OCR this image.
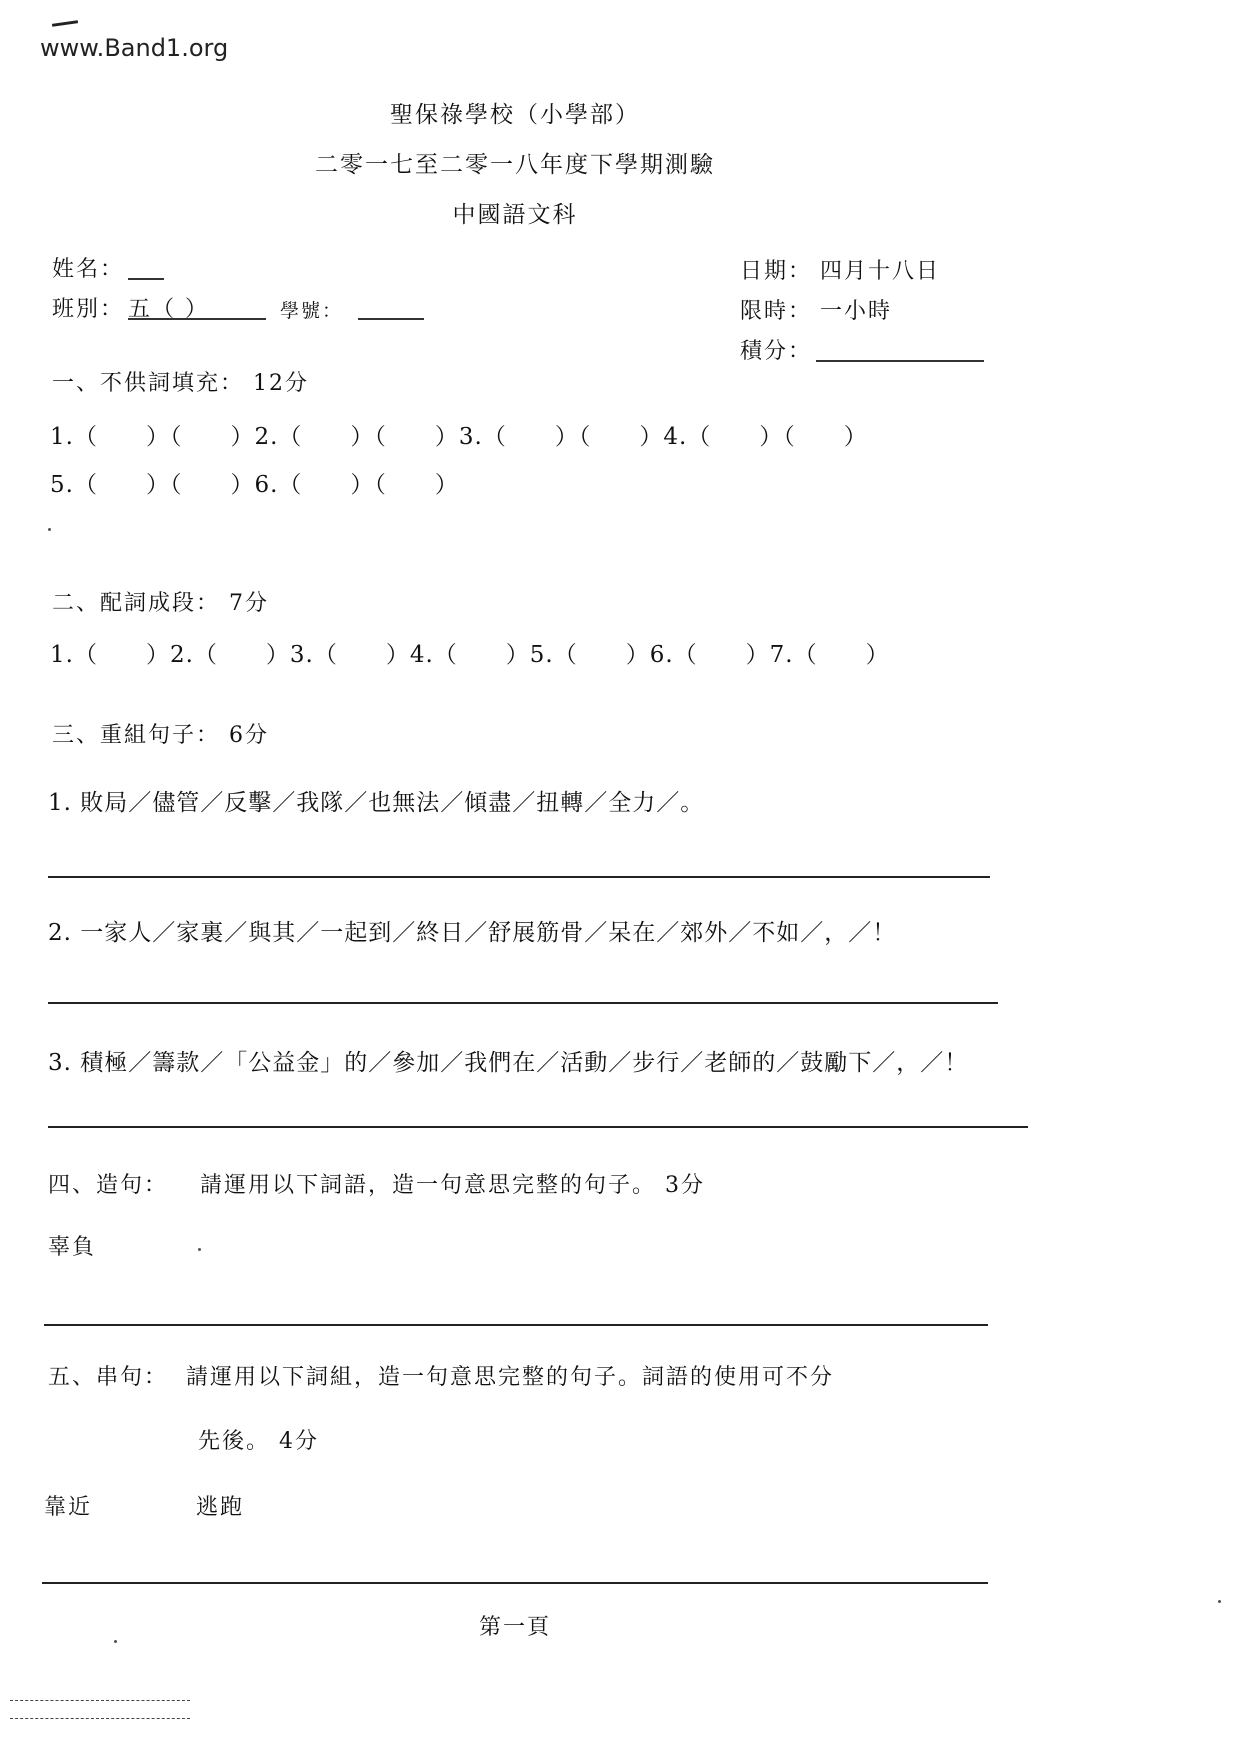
www.Band1.org
聖保祿學校（小學部）
二零一七至二零一八年度下學期測驗
中國語文科
姓名：
班別： 五（ ）	學號：
日期： 四月十八日
限時： 一小時
積分：
一、不供詞填充： 12分
1.（　　）（　　）2.（　　）（　　）3.（　　）（　　）4.（　　）（　　）
5.（　　）（　　）6.（　　）（　　）
二、配詞成段： 7分
1.（　　）2.（　　）3.（　　）4.（　　）5.（　　）6.（　　）7.（　　）
三、重組句子： 6分
1. 敗局／儘管／反擊／我隊／也無法／傾盡／扭轉／全力／。
2. 一家人／家裏／與其／一起到／終日／舒展筋骨／呆在／郊外／不如／，／！
3. 積極／籌款／「公益金」的／參加／我們在／活動／步行／老師的／鼓勵下／，／！
四、造句： 請運用以下詞語，造一句意思完整的句子。 3分
辜負
五、串句： 請運用以下詞組，造一句意思完整的句子。詞語的使用可不分
先後。 4分
靠近	逃跑
第一頁
